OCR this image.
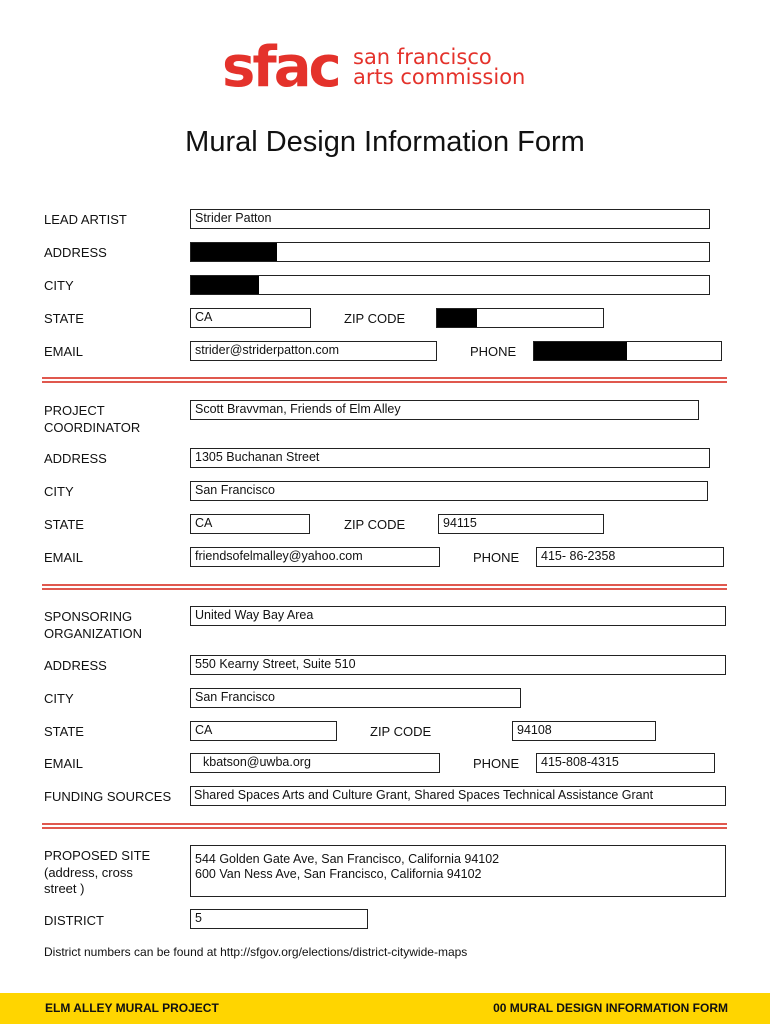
sfac san francisco
arts commission
Mural Design Information Form
LEAD ARTIST	Strider Patton
ADDRESS
CITY
STATE	CA	ZIP CODE
EMAIL	strider@striderpatton.com	PHONE
PROJECT
COORDINATOR
Scott Bravvman, Friends of Elm Alley
ADDRESS	1305 Buchanan Street
CITY	San Francisco
STATE	CA	ZIP CODE	94115
EMAIL	friendsofelmalley@yahoo.com	PHONE	415- 86-2358
SPONSORING
ORGANIZATION
United Way Bay Area
ADDRESS	550 Kearny Street, Suite 510
CITY	San Francisco
STATE	CA	ZIP CODE	94108
EMAIL	kbatson@uwba.org	PHONE	415-808-4315
FUNDING SOURCES	Shared Spaces Arts and Culture Grant, Shared Spaces Technical Assistance Grant
PROPOSED SITE
(address, cross
street )
544 Golden Gate Ave, San Francisco, California 94102
600 Van Ness Ave, San Francisco, California 94102
DISTRICT	5
District numbers can be found at http://sfgov.org/elections/district-citywide-maps
ELM ALLEY MURAL PROJECT	00 MURAL DESIGN INFORMATION FORM
